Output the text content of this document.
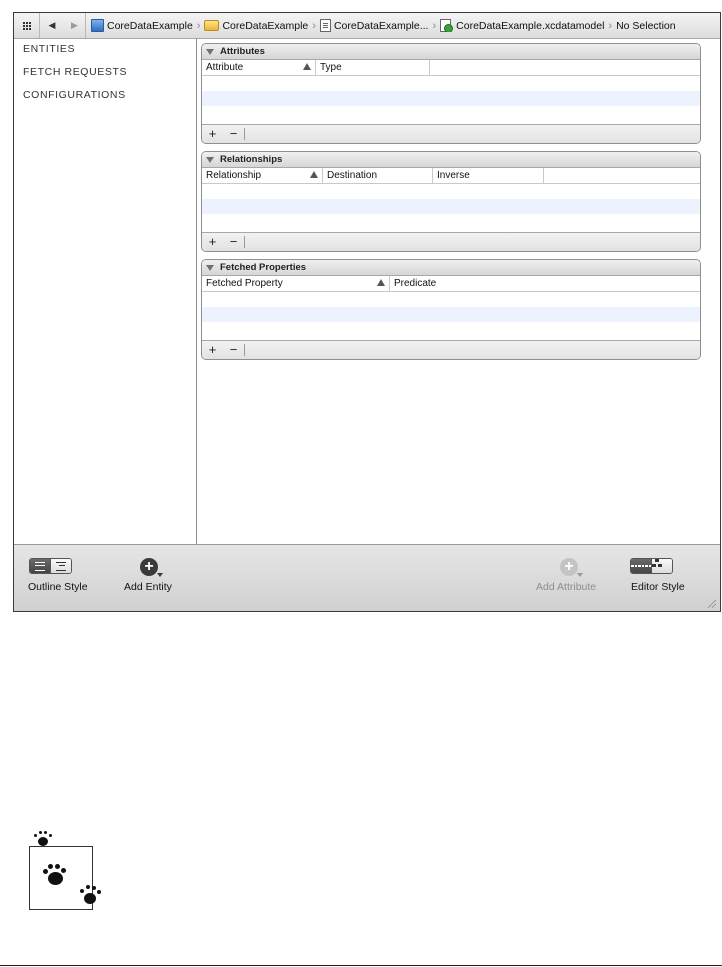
◀ ▶	CoreDataExample › CoreDataExample › CoreDataExample... › CoreDataExample.xcdatamodel › No Selection
ENTITIES
FETCH REQUESTS
CONFIGURATIONS
Attributes
Attribute	Type
+	−
Relationships
Relationship	Destination	Inverse
+	−
Fetched Properties
Fetched Property	Predicate
+	−
Outline Style
+
Add Entity
+
Add Attribute	Editor Style
